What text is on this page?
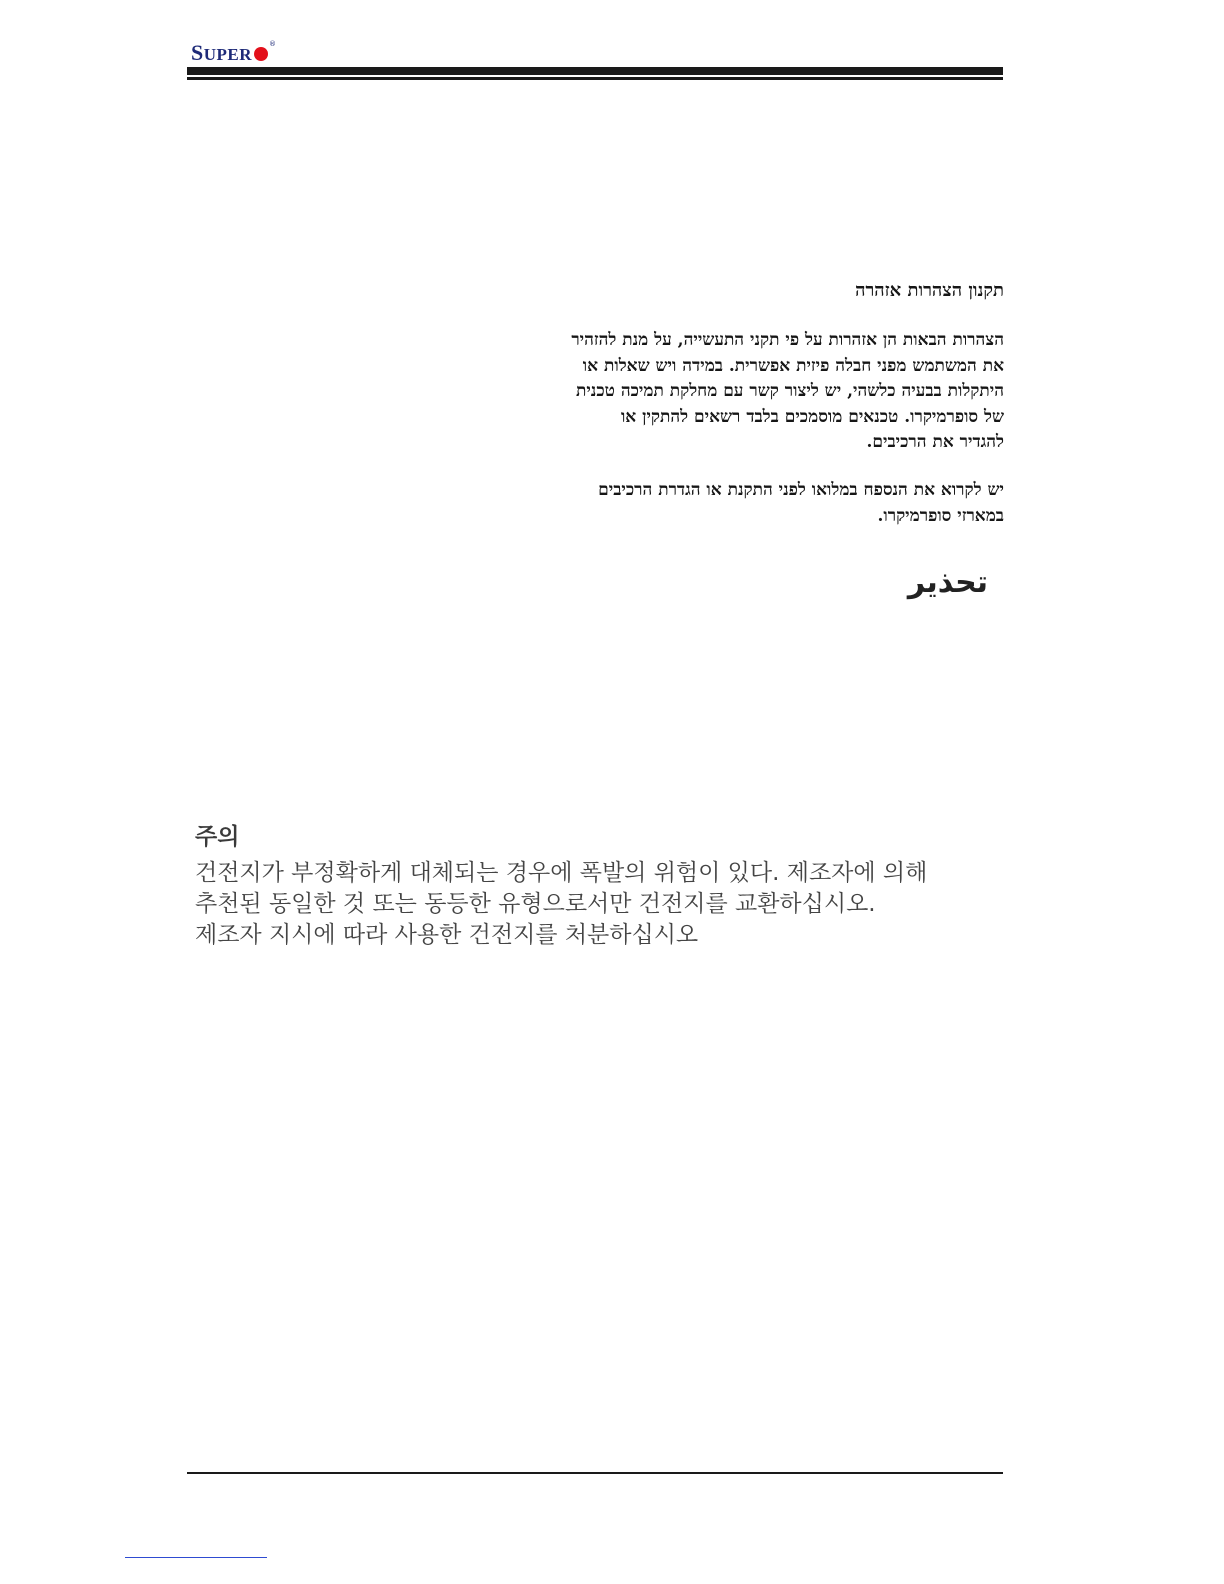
S UPER
®
תקנון הצהרות אזהרה
הצהרות הבאות הן אזהרות על פי תקני התעשייה, על מנת להזהיר
את המשתמש מפני חבלה פיזית אפשרית. במידה ויש שאלות או
היתקלות בבעיה כלשהי, יש ליצור קשר עם מחלקת תמיכה טכנית
של סופרמיקרו. טכנאים מוסמכים בלבד רשאים להתקין או
להגדיר את הרכיבים.
יש לקרוא את הנספח במלואו לפני התקנת או הגדרת הרכיבים
במארזי סופרמיקרו.
تحذير
주의
건전지가 부정확하게 대체되는 경우에 폭발의 위험이 있다. 제조자에 의해
추천된 동일한 것 또는 동등한 유형으로서만 건전지를 교환하십시오.
제조자 지시에 따라 사용한 건전지를 처분하십시오
